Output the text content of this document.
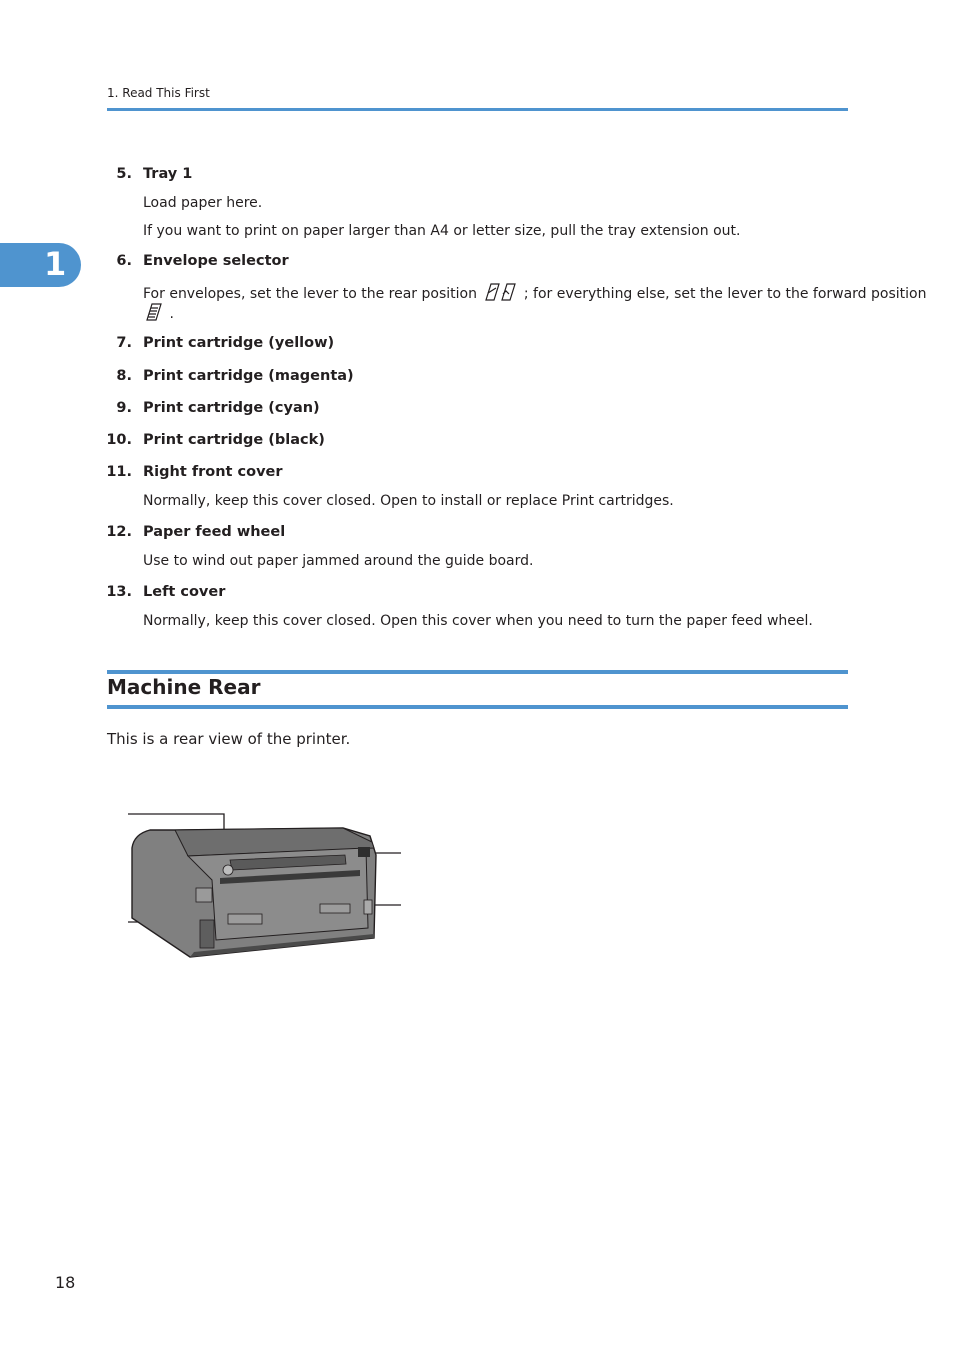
1. Read This First
1
5. Tray 1
Load paper here.
If you want to print on paper larger than A4 or letter size, pull the tray extension out.
6. Envelope selector
For envelopes, set the lever to the rear position	; for everything else, set the lever to the forward position
.
7. Print cartridge (yellow)
8. Print cartridge (magenta)
9. Print cartridge (cyan)
10. Print cartridge (black)
11. Right front cover
Normally, keep this cover closed. Open to install or replace Print cartridges.
12. Paper feed wheel
Use to wind out paper jammed around the guide board.
13. Left cover
Normally, keep this cover closed. Open this cover when you need to turn the paper feed wheel.
Machine Rear
This is a rear view of the printer.
18
